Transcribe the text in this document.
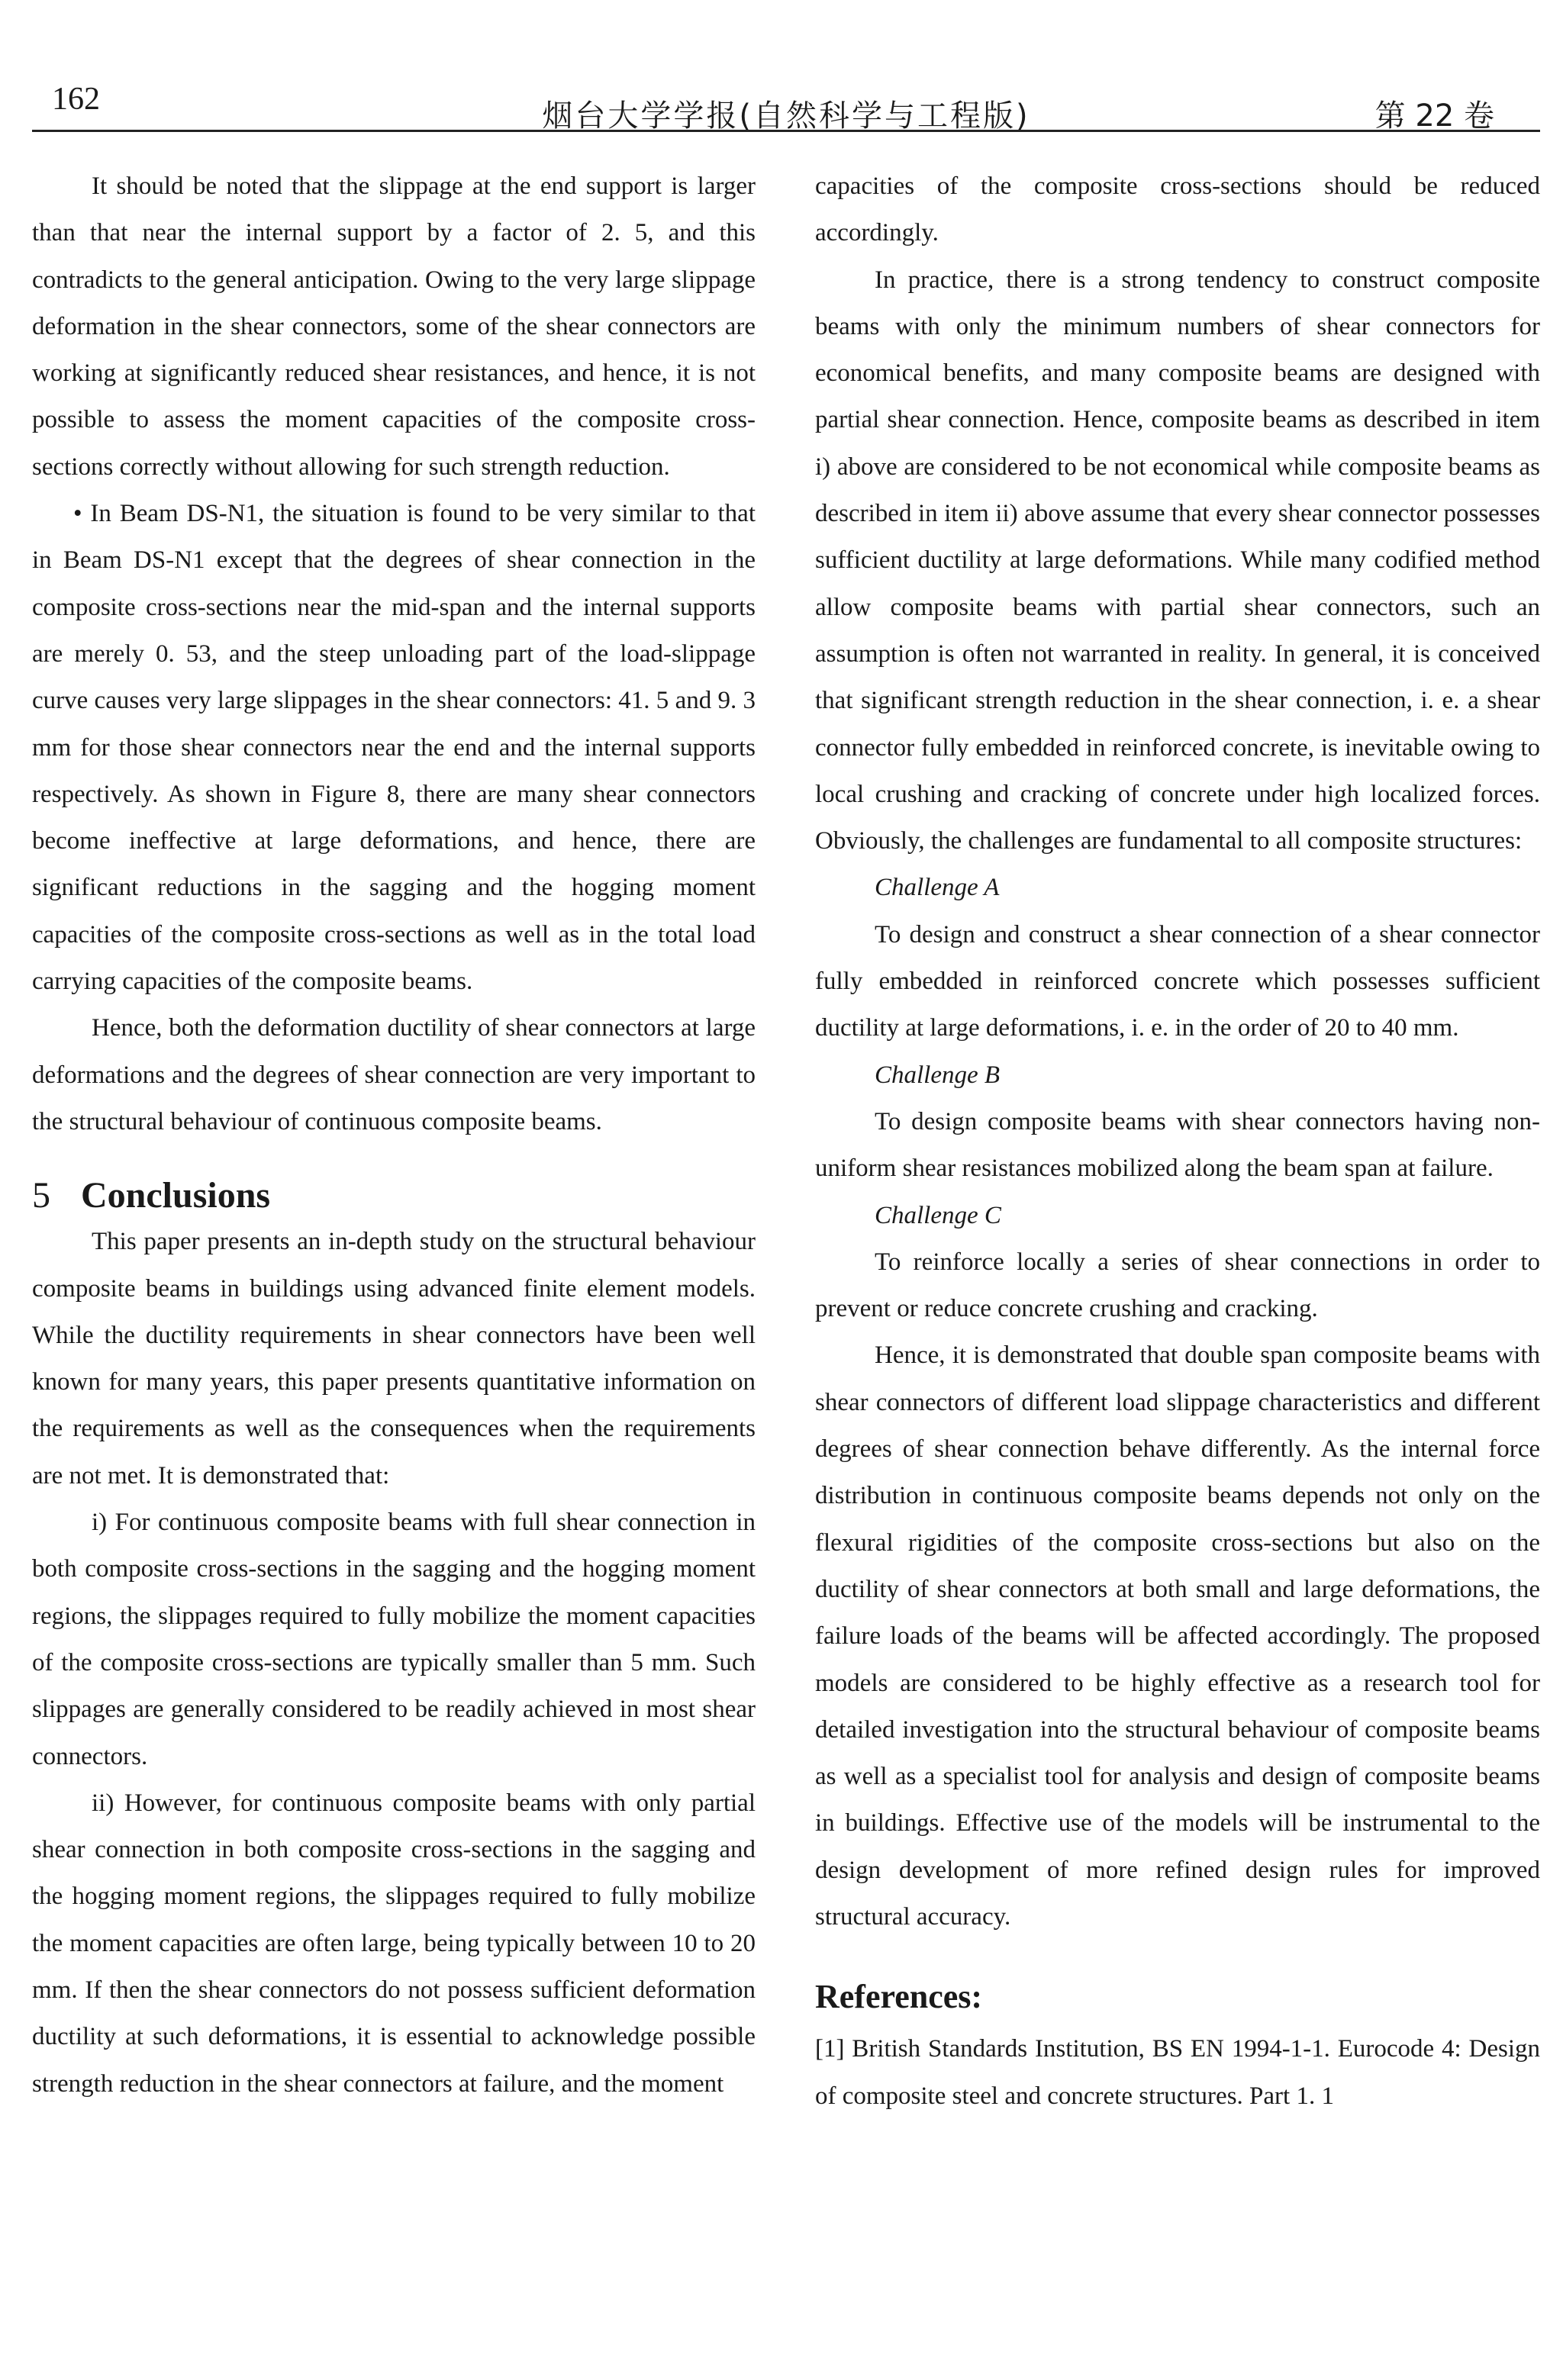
162	烟台大学学报(自然科学与工程版)	第 22 卷

It should be noted that the slippage at the end support is larger than that near the internal support by a factor of 2. 5, and this contradicts to the general anticipation. Owing to the very large slippage deformation in the shear connectors, some of the shear connectors are working at significantly reduced shear resistances, and hence, it is not possible to assess the moment capacities of the composite cross-sections correctly without allowing for such strength reduction.

• In Beam DS-N1, the situation is found to be very similar to that in Beam DS-N1 except that the degrees of shear connection in the composite cross-sections near the mid-span and the internal supports are merely 0. 53, and the steep unloading part of the load-slippage curve causes very large slippages in the shear connectors: 41. 5 and 9. 3 mm for those shear connectors near the end and the internal supports respectively. As shown in Figure 8, there are many shear connectors become ineffective at large deformations, and hence, there are significant reductions in the sagging and the hogging moment capacities of the composite cross-sections as well as in the total load carrying capacities of the composite beams.

Hence, both the deformation ductility of shear connectors at large deformations and the degrees of shear connection are very important to the structural behaviour of continuous composite beams.

5 Conclusions

This paper presents an in-depth study on the structural behaviour composite beams in buildings using advanced finite element models. While the ductility requirements in shear connectors have been well known for many years, this paper presents quantitative information on the requirements as well as the consequences when the requirements are not met. It is demonstrated that:

i) For continuous composite beams with full shear connection in both composite cross-sections in the sagging and the hogging moment regions, the slippages required to fully mobilize the moment capacities of the composite cross-sections are typically smaller than 5 mm. Such slippages are generally considered to be readily achieved in most shear connectors.

ii) However, for continuous composite beams with only partial shear connection in both composite cross-sections in the sagging and the hogging moment regions, the slippages required to fully mobilize the moment capacities are often large, being typically between 10 to 20 mm. If then the shear connectors do not possess sufficient deformation ductility at such deformations, it is essential to acknowledge possible strength reduction in the shear connectors at failure, and the moment

capacities of the composite cross-sections should be reduced accordingly.

In practice, there is a strong tendency to construct composite beams with only the minimum numbers of shear connectors for economical benefits, and many composite beams are designed with partial shear connection. Hence, composite beams as described in item i) above are considered to be not economical while composite beams as described in item ii) above assume that every shear connector possesses sufficient ductility at large deformations. While many codified method allow composite beams with partial shear connectors, such an assumption is often not warranted in reality. In general, it is conceived that significant strength reduction in the shear connection, i. e. a shear connector fully embedded in reinforced concrete, is inevitable owing to local crushing and cracking of concrete under high localized forces. Obviously, the challenges are fundamental to all composite structures:

Challenge A

To design and construct a shear connection of a shear connector fully embedded in reinforced concrete which possesses sufficient ductility at large deformations, i. e. in the order of 20 to 40 mm.

Challenge B

To design composite beams with shear connectors having non-uniform shear resistances mobilized along the beam span at failure.

Challenge C

To reinforce locally a series of shear connections in order to prevent or reduce concrete crushing and cracking.

Hence, it is demonstrated that double span composite beams with shear connectors of different load slippage characteristics and different degrees of shear connection behave differently. As the internal force distribution in continuous composite beams depends not only on the flexural rigidities of the composite cross-sections but also on the ductility of shear connectors at both small and large deformations, the failure loads of the beams will be affected accordingly. The proposed models are considered to be highly effective as a research tool for detailed investigation into the structural behaviour of composite beams as well as a specialist tool for analysis and design of composite beams in buildings. Effective use of the models will be instrumental to the design development of more refined design rules for improved structural accuracy.

References:

[1] British Standards Institution, BS EN 1994-1-1. Eurocode 4: Design of composite steel and concrete structures. Part 1. 1
